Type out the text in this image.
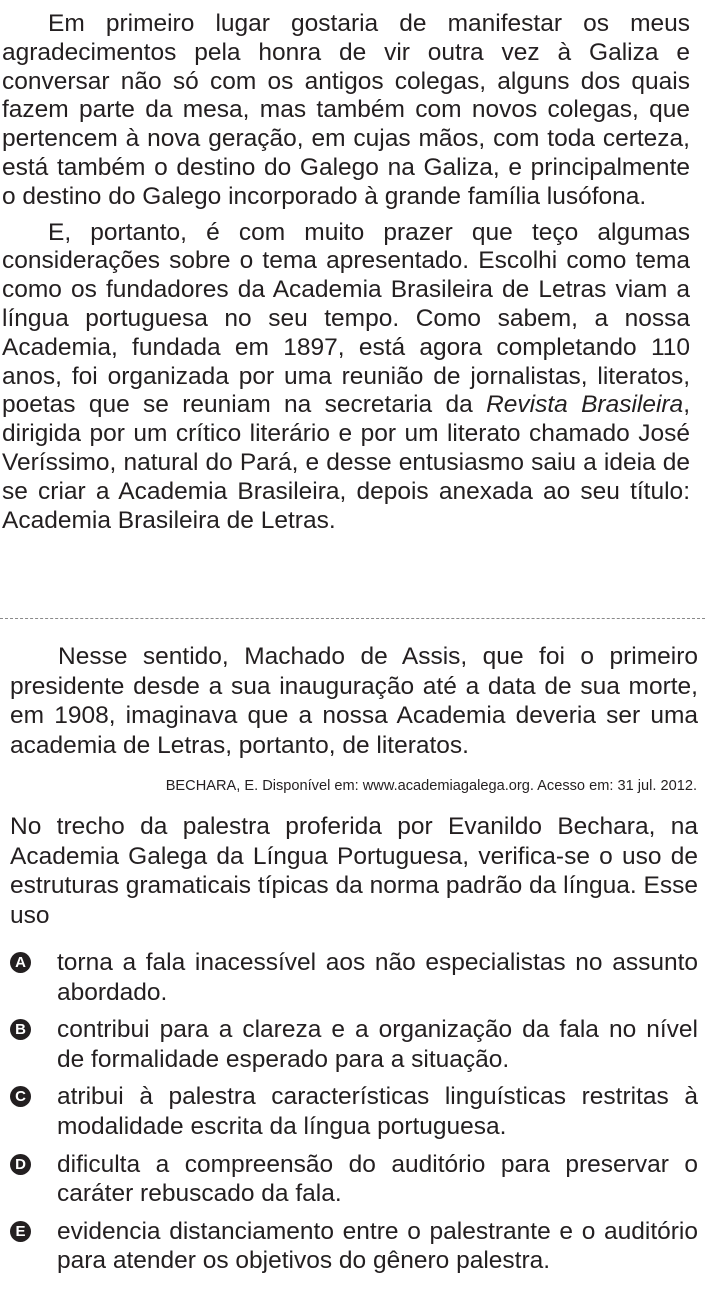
Em primeiro lugar gostaria de manifestar os meus agradecimentos pela honra de vir outra vez à Galiza e conversar não só com os antigos colegas, alguns dos quais fazem parte da mesa, mas também com novos colegas, que pertencem à nova geração, em cujas mãos, com toda certeza, está também o destino do Galego na Galiza, e principalmente o destino do Galego incorporado à grande família lusófona.

E, portanto, é com muito prazer que teço algumas considerações sobre o tema apresentado. Escolhi como tema como os fundadores da Academia Brasileira de Letras viam a língua portuguesa no seu tempo. Como sabem, a nossa Academia, fundada em 1897, está agora completando 110 anos, foi organizada por uma reunião de jornalistas, literatos, poetas que se reuniam na secretaria da Revista Brasileira, dirigida por um crítico literário e por um literato chamado José Veríssimo, natural do Pará, e desse entusiasmo saiu a ideia de se criar a Academia Brasileira, depois anexada ao seu título: Academia Brasileira de Letras.

Nesse sentido, Machado de Assis, que foi o primeiro presidente desde a sua inauguração até a data de sua morte, em 1908, imaginava que a nossa Academia deveria ser uma academia de Letras, portanto, de literatos.

BECHARA, E. Disponível em: www.academiagalega.org. Acesso em: 31 jul. 2012.

No trecho da palestra proferida por Evanildo Bechara, na Academia Galega da Língua Portuguesa, verifica-se o uso de estruturas gramaticais típicas da norma padrão da língua. Esse uso

A torna a fala inacessível aos não especialistas no assunto abordado.
B contribui para a clareza e a organização da fala no nível de formalidade esperado para a situação.
C atribui à palestra características linguísticas restritas à modalidade escrita da língua portuguesa.
D dificulta a compreensão do auditório para preservar o caráter rebuscado da fala.
E evidencia distanciamento entre o palestrante e o auditório para atender os objetivos do gênero palestra.
